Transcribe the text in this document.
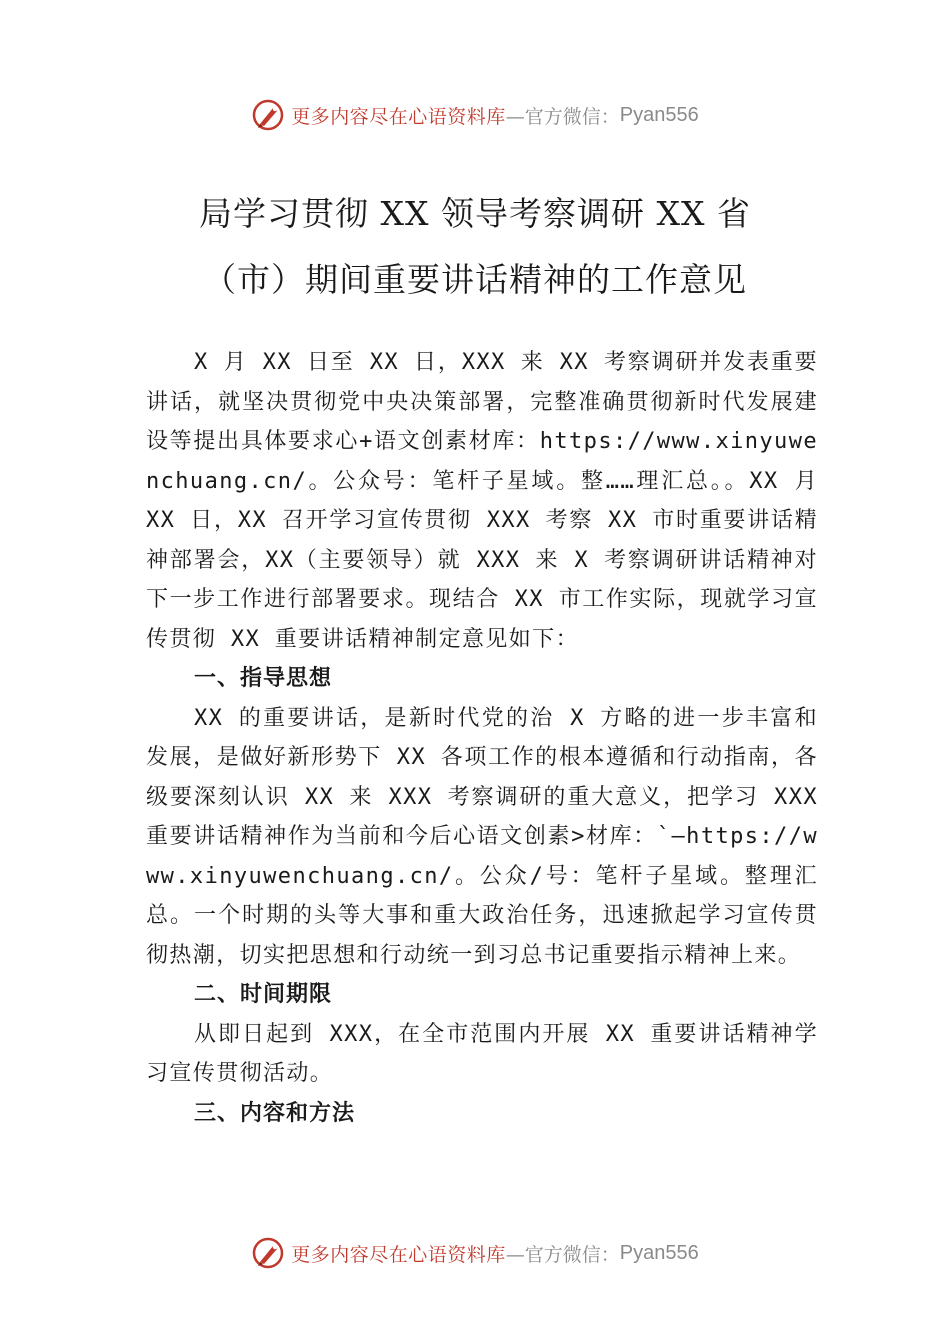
更多内容尽在心语资料库 —官方微信： Pyan556
局学习贯彻 XX 领导考察调研 XX 省
（市）期间重要讲话精神的工作意见

X 月 XX 日至 XX 日，XXX 来 XX 考察调研并发表重要讲话，就坚决贯彻党中央决策部署，完整准确贯彻新时代发展建设等提出具体要求心+语文创素材库：https://www.xinyuwenchuang.cn/。公众号：笔杆子星域。整……理汇总。。XX 月 XX 日，XX 召开学习宣传贯彻 XXX 考察 XX 市时重要讲话精神部署会，XX（主要领导）就 XXX 来 X 考察调研讲话精神对下一步工作进行部署要求。现结合 XX 市工作实际，现就学习宣传贯彻 XX 重要讲话精神制定意见如下：

一、指导思想

XX 的重要讲话，是新时代党的治 X 方略的进一步丰富和发展，是做好新形势下 XX 各项工作的根本遵循和行动指南，各级要深刻认识 XX 来 XXX 考察调研的重大意义，把学习 XXX 重要讲话精神作为当前和今后心语文创素>材库：`—https://www.xinyuwenchuang.cn/。公众/号：笔杆子星域。整理汇总。一个时期的头等大事和重大政治任务，迅速掀起学习宣传贯彻热潮，切实把思想和行动统一到习总书记重要指示精神上来。

二、时间期限

从即日起到 XXX，在全市范围内开展 XX 重要讲话精神学习宣传贯彻活动。

三、内容和方法

更多内容尽在心语资料库 —官方微信： Pyan556
